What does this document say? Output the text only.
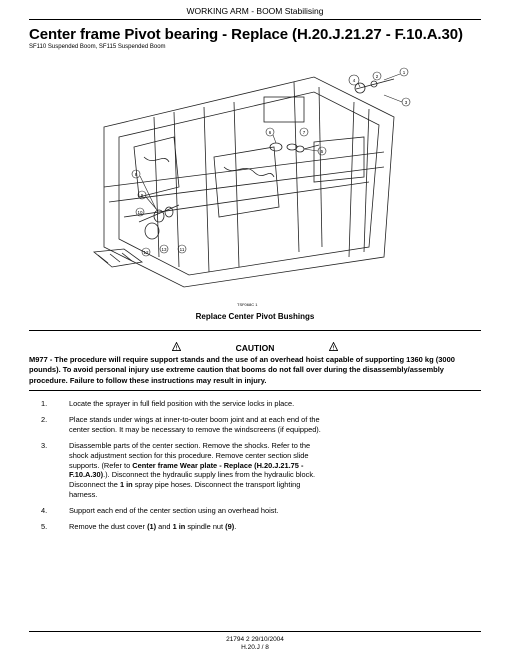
WORKING ARM - BOOM Stabilising
Center frame Pivot bearing - Replace (H.20.J.21.27 - F.10.A.30)
SF110 Suspended Boom, SF115 Suspended Boom
4
2
1
3
6
5
7
8
9
10
12
13	11
TSF068C 1
Replace Center Pivot Bushings
!	CAUTION	!
M977 - The procedure will require support stands and the use of an overhead hoist capable of supporting 1360 kg (3000 pounds). To avoid personal injury use extreme caution that booms do not fall over during the disassembly/assembly procedure. Failure to follow these instructions may result in injury.
1.	Locate the sprayer in full field position with the service locks in place.
2.	Place stands under wings at inner-to-outer boom joint and at each end of the center section. It may be necessary to remove the windscreens (if equipped).
3.	Disassemble parts of the center section. Remove the shocks. Refer to the shock adjustment section for this procedure. Remove center section slide supports. (Refer to Center frame Wear plate - Replace (H.20.J.21.75 - F.10.A.30).). Disconnect the hydraulic supply lines from the hydraulic block. Disconnect the 1 in spray pipe hoses. Disconnect the transport lighting harness.
4.	Support each end of the center section using an overhead hoist.
5.	Remove the dust cover (1) and 1 in spindle nut (9).
21794 2 29/10/2004
H.20.J / 8
